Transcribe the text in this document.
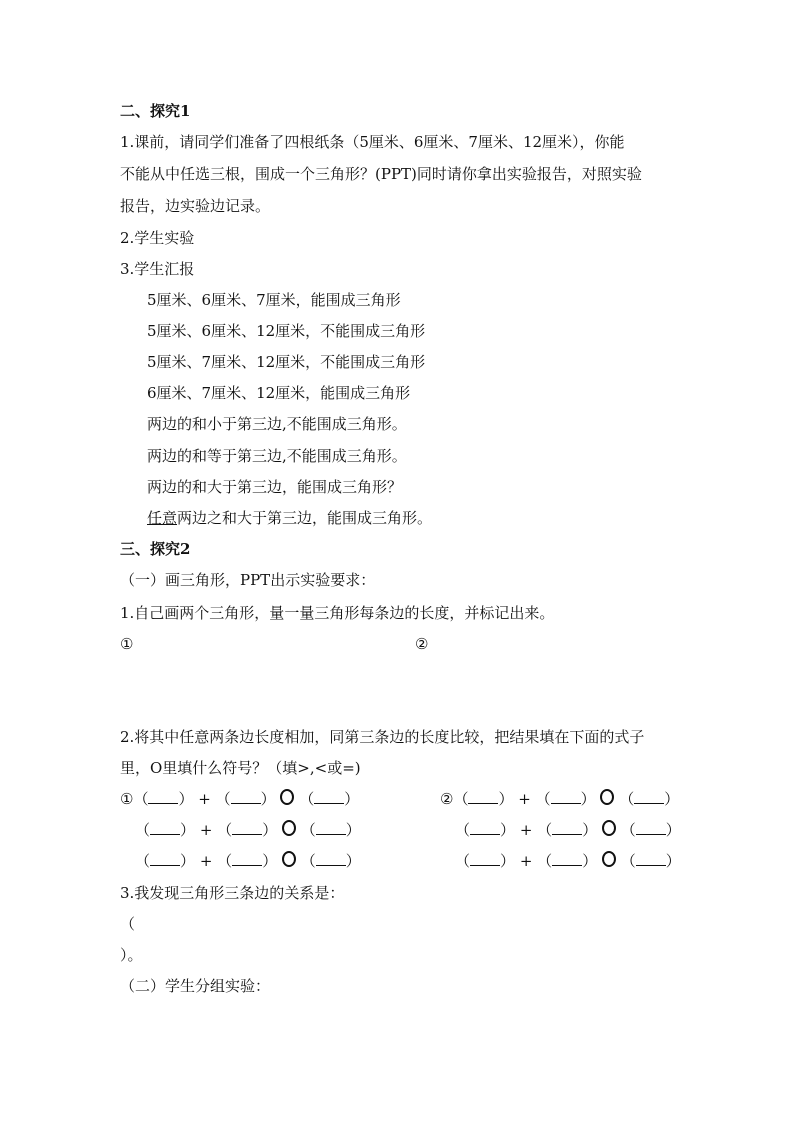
二、探究1
1.课前，请同学们准备了四根纸条（5厘米、6厘米、7厘米、12厘米），你能
不能从中任选三根，围成一个三角形？(PPT)同时请你拿出实验报告，对照实验
报告，边实验边记录。
2.学生实验
3.学生汇报
5厘米、6厘米、7厘米，能围成三角形
5厘米、6厘米、12厘米，不能围成三角形
5厘米、7厘米、12厘米，不能围成三角形
6厘米、7厘米、12厘米，能围成三角形
两边的和小于第三边,不能围成三角形。
两边的和等于第三边,不能围成三角形。
两边的和大于第三边，能围成三角形？
任意两边之和大于第三边，能围成三角形。
三、探究2
（一）画三角形，PPT出示实验要求：
1.自己画两个三角形，量一量三角形每条边的长度，并标记出来。
①	②
2.将其中任意两条边长度相加，同第三条边的长度比较，把结果填在下面的式子
里，O里填什么符号？（填>,<或=)
①（ ） + （ ） （ ）
（ ） + （ ） （ ）
（ ） + （ ） （ ）
②（ ） + （ ） （ ）
（ ） + （ ） （ ）
（ ） + （ ） （ ）
3.我发现三角形三条边的关系是：
（
）。
（二）学生分组实验：
